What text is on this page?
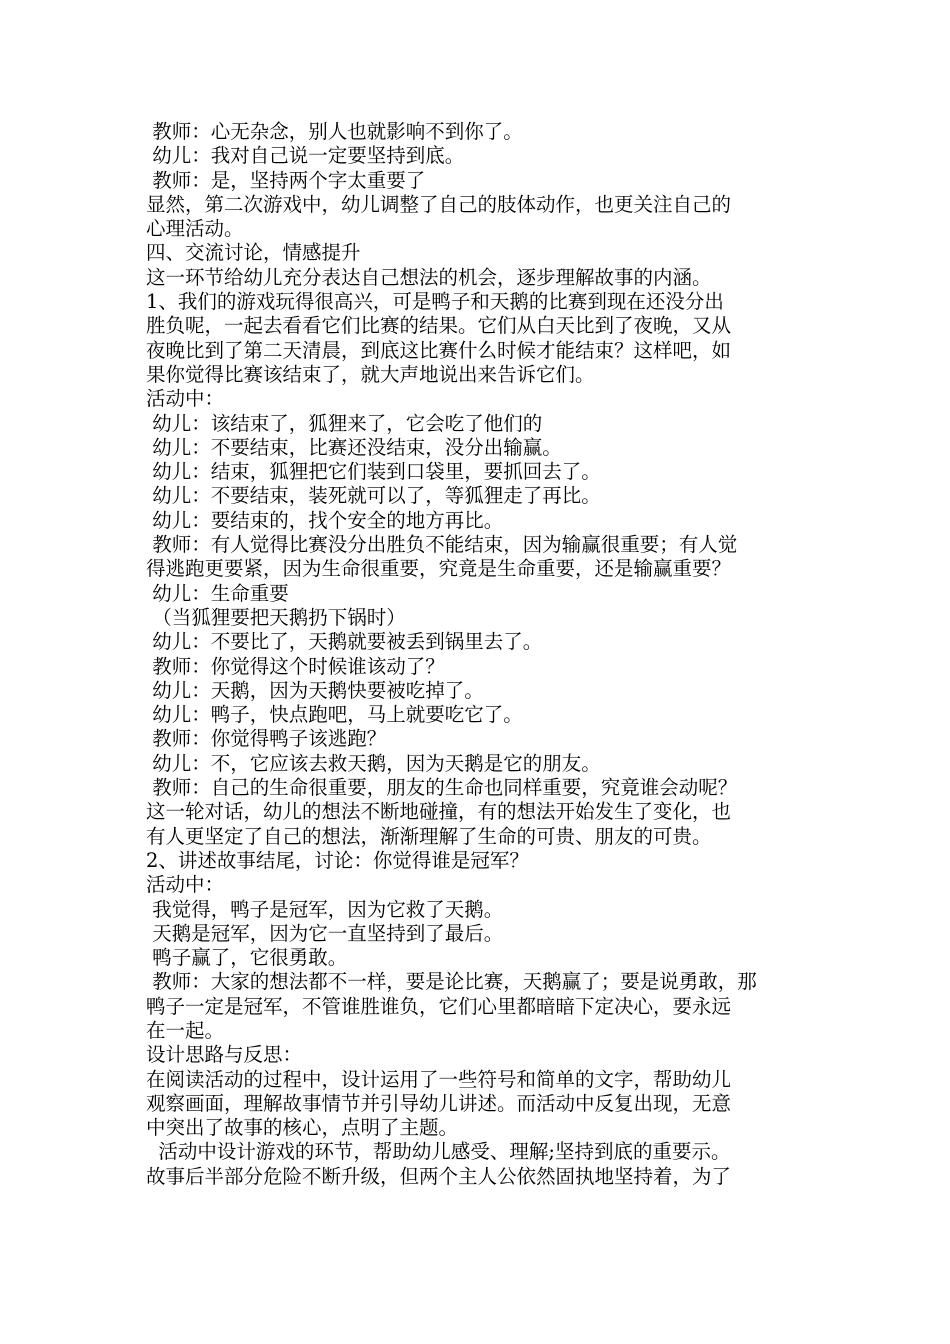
教师：心无杂念，别人也就影响不到你了。
幼儿：我对自己说一定要坚持到底。
教师：是，坚持两个字太重要了
显然，第二次游戏中，幼儿调整了自己的肢体动作，也更关注自己的
心理活动。
四、交流讨论，情感提升
这一环节给幼儿充分表达自己想法的机会，逐步理解故事的内涵。
1、我们的游戏玩得很高兴，可是鸭子和天鹅的比赛到现在还没分出
胜负呢，一起去看看它们比赛的结果。它们从白天比到了夜晚，又从
夜晚比到了第二天清晨，到底这比赛什么时候才能结束？这样吧，如
果你觉得比赛该结束了，就大声地说出来告诉它们。
活动中：
幼儿：该结束了，狐狸来了，它会吃了他们的
幼儿：不要结束，比赛还没结束，没分出输赢。
幼儿：结束，狐狸把它们装到口袋里，要抓回去了。
幼儿：不要结束，装死就可以了，等狐狸走了再比。
幼儿：要结束的，找个安全的地方再比。
教师：有人觉得比赛没分出胜负不能结束，因为输赢很重要；有人觉
得逃跑更要紧，因为生命很重要，究竟是生命重要，还是输赢重要？
幼儿：生命重要
（当狐狸要把天鹅扔下锅时）
幼儿：不要比了，天鹅就要被丢到锅里去了。
教师：你觉得这个时候谁该动了？
幼儿：天鹅，因为天鹅快要被吃掉了。
幼儿：鸭子，快点跑吧，马上就要吃它了。
教师：你觉得鸭子该逃跑？
幼儿：不，它应该去救天鹅，因为天鹅是它的朋友。
教师：自己的生命很重要，朋友的生命也同样重要，究竟谁会动呢？
这一轮对话，幼儿的想法不断地碰撞，有的想法开始发生了变化，也
有人更坚定了自己的想法，渐渐理解了生命的可贵、朋友的可贵。
2、讲述故事结尾，讨论：你觉得谁是冠军？
活动中：
我觉得，鸭子是冠军，因为它救了天鹅。
天鹅是冠军，因为它一直坚持到了最后。
鸭子赢了，它很勇敢。
教师：大家的想法都不一样，要是论比赛，天鹅赢了；要是说勇敢，那
鸭子一定是冠军，不管谁胜谁负，它们心里都暗暗下定决心，要永远
在一起。
设计思路与反思：
在阅读活动的过程中，设计运用了一些符号和简单的文字，帮助幼儿
观察画面，理解故事情节并引导幼儿讲述。而活动中反复出现，无意
中突出了故事的核心，点明了主题。
活动中设计游戏的环节，帮助幼儿感受、理解;坚持到底的重要示。
故事后半部分危险不断升级，但两个主人公依然固执地坚持着，为了
